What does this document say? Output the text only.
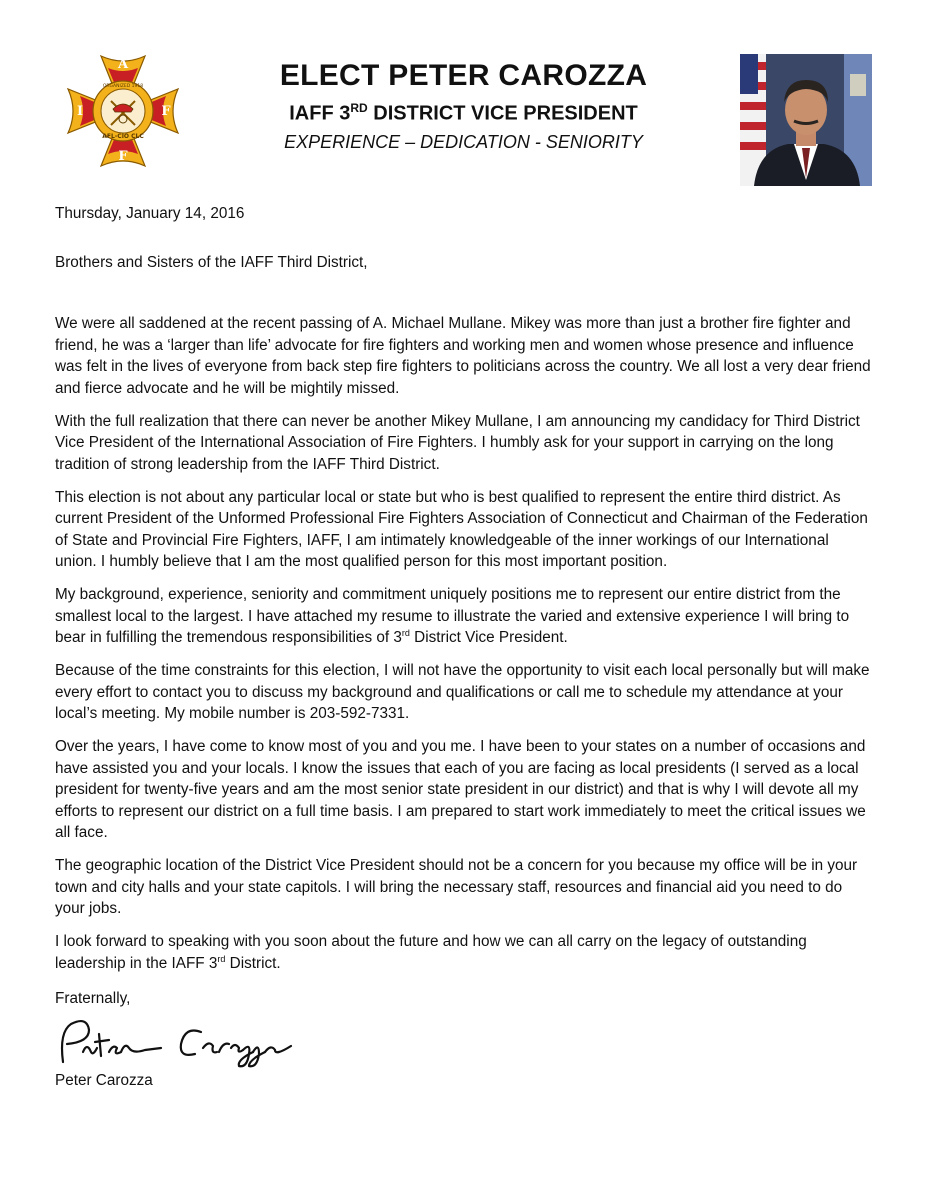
A
I	F
F
ORGANIZED 1918
AFL-CIO CLC
ELECT PETER CAROZZA
IAFF 3RD DISTRICT VICE PRESIDENT
EXPERIENCE – DEDICATION - SENIORITY

Thursday, January 14, 2016

Brothers and Sisters of the IAFF Third District,

We were all saddened at the recent passing of A. Michael Mullane. Mikey was more than just a brother fire fighter and friend, he was a ‘larger than life’ advocate for fire fighters and working men and women whose presence and influence was felt in the lives of everyone from back step fire fighters to politicians across the country. We all lost a very dear friend and fierce advocate and he will be mightily missed.

With the full realization that there can never be another Mikey Mullane, I am announcing my candidacy for Third District Vice President of the International Association of Fire Fighters. I humbly ask for your support in carrying on the long tradition of strong leadership from the IAFF Third District.

This election is not about any particular local or state but who is best qualified to represent the entire third district. As current President of the Unformed Professional Fire Fighters Association of Connecticut and Chairman of the Federation of State and Provincial Fire Fighters, IAFF, I am intimately knowledgeable of the inner workings of our International union. I humbly believe that I am the most qualified person for this most important position.

My background, experience, seniority and commitment uniquely positions me to represent our entire district from the smallest local to the largest. I have attached my resume to illustrate the varied and extensive experience I will bring to bear in fulfilling the tremendous responsibilities of 3rd District Vice President.

Because of the time constraints for this election, I will not have the opportunity to visit each local personally but will make every effort to contact you to discuss my background and qualifications or call me to schedule my attendance at your local’s meeting. My mobile number is 203-592-7331.

Over the years, I have come to know most of you and you me. I have been to your states on a number of occasions and have assisted you and your locals. I know the issues that each of you are facing as local presidents (I served as a local president for twenty-five years and am the most senior state president in our district) and that is why I will devote all my efforts to represent our district on a full time basis. I am prepared to start work immediately to meet the critical issues we all face.

The geographic location of the District Vice President should not be a concern for you because my office will be in your town and city halls and your state capitols. I will bring the necessary staff, resources and financial aid you need to do your jobs.

I look forward to speaking with you soon about the future and how we can all carry on the legacy of outstanding leadership in the IAFF 3rd District.

Fraternally,

Peter Carozza
